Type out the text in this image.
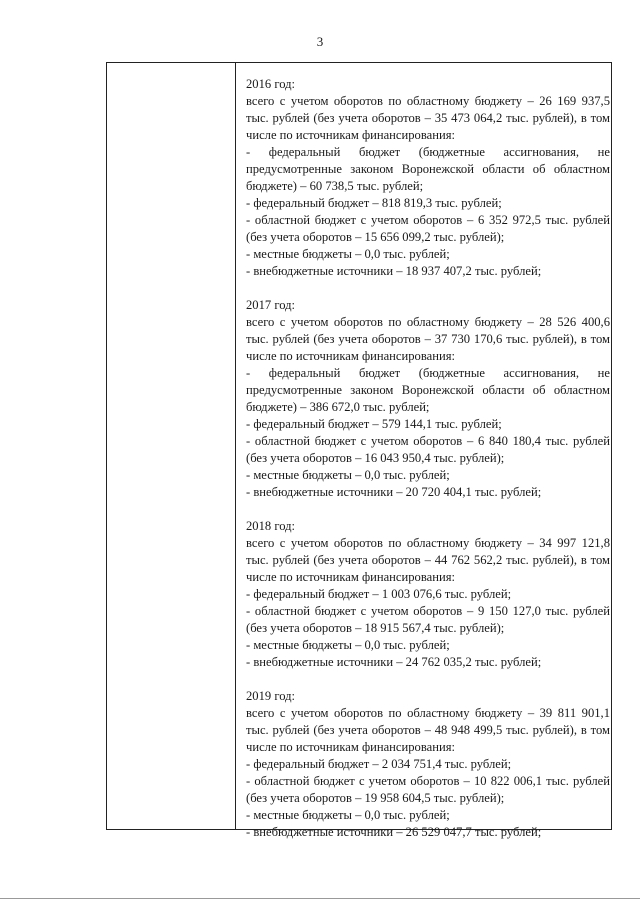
3
2016 год:
всего с учетом оборотов по областному бюджету – 26 169 937,5 тыс. рублей (без учета оборотов – 35 473 064,2 тыс. рублей), в том числе по источникам финансирования:
- федеральный бюджет (бюджетные ассигнования, не предусмотренные законом Воронежской области об областном бюджете) – 60 738,5 тыс. рублей;
- федеральный бюджет – 818 819,3 тыс. рублей;
- областной бюджет с учетом оборотов – 6 352 972,5 тыс. рублей (без учета оборотов – 15 656 099,2 тыс. рублей);
- местные бюджеты – 0,0 тыс. рублей;
- внебюджетные источники – 18 937 407,2 тыс. рублей;
2017 год:
всего с учетом оборотов по областному бюджету – 28 526 400,6 тыс. рублей (без учета оборотов – 37 730 170,6 тыс. рублей), в том числе по источникам финансирования:
- федеральный бюджет (бюджетные ассигнования, не предусмотренные законом Воронежской области об областном бюджете) – 386 672,0 тыс. рублей;
- федеральный бюджет – 579 144,1 тыс. рублей;
- областной бюджет с учетом оборотов – 6 840 180,4 тыс. рублей (без учета оборотов – 16 043 950,4 тыс. рублей);
- местные бюджеты – 0,0 тыс. рублей;
- внебюджетные источники – 20 720 404,1 тыс. рублей;
2018 год:
всего с учетом оборотов по областному бюджету – 34 997 121,8 тыс. рублей (без учета оборотов – 44 762 562,2 тыс. рублей), в том числе по источникам финансирования:
- федеральный бюджет – 1 003 076,6 тыс. рублей;
- областной бюджет с учетом оборотов – 9 150 127,0 тыс. рублей (без учета оборотов – 18 915 567,4 тыс. рублей);
- местные бюджеты – 0,0 тыс. рублей;
- внебюджетные источники – 24 762 035,2 тыс. рублей;
2019 год:
всего с учетом оборотов по областному бюджету – 39 811 901,1 тыс. рублей (без учета оборотов – 48 948 499,5 тыс. рублей), в том числе по источникам финансирования:
- федеральный бюджет – 2 034 751,4 тыс. рублей;
- областной бюджет с учетом оборотов – 10 822 006,1 тыс. рублей (без учета оборотов – 19 958 604,5 тыс. рублей);
- местные бюджеты – 0,0 тыс. рублей;
- внебюджетные источники – 26 529 047,7 тыс. рублей;
